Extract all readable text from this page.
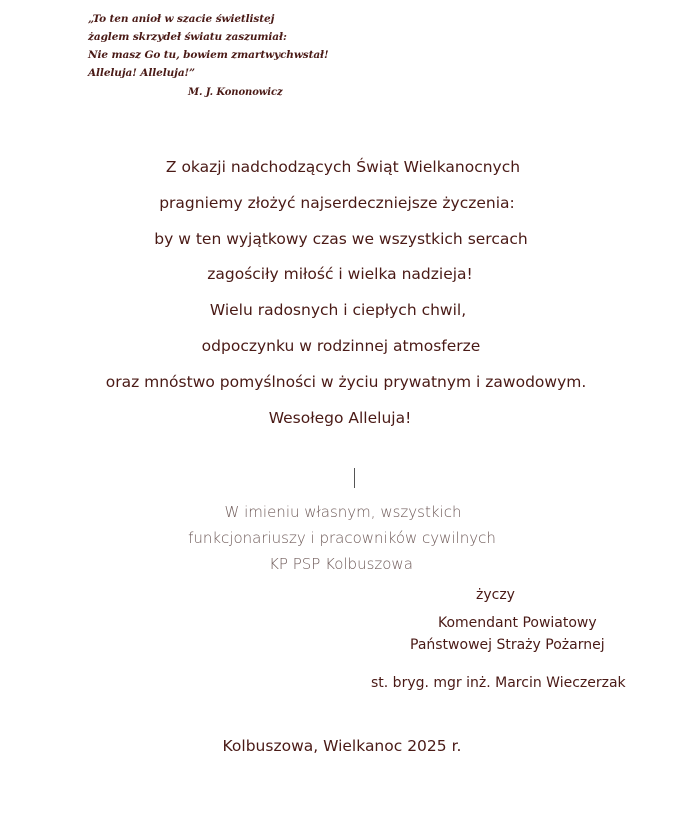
„To ten anioł w szacie świetlistej
żaglem skrzydeł światu zaszumiał:
Nie masz Go tu, bowiem zmartwychwstał!
Alleluja! Alleluja!”
M. J. Kononowicz
Z okazji nadchodzących Świąt Wielkanocnych
pragniemy złożyć najserdeczniejsze życzenia:
by w ten wyjątkowy czas we wszystkich sercach
zagościły miłość i wielka nadzieja!
Wielu radosnych i ciepłych chwil,
odpoczynku w rodzinnej atmosferze
oraz mnóstwo pomyślności w życiu prywatnym i zawodowym.
Wesołego Alleluja!
W imieniu własnym, wszystkich
funkcjonariuszy i pracowników cywilnych
KP PSP Kolbuszowa
życzy
Komendant Powiatowy
Państwowej Straży Pożarnej
st. bryg. mgr inż. Marcin Wieczerzak
Kolbuszowa, Wielkanoc 2025 r.
